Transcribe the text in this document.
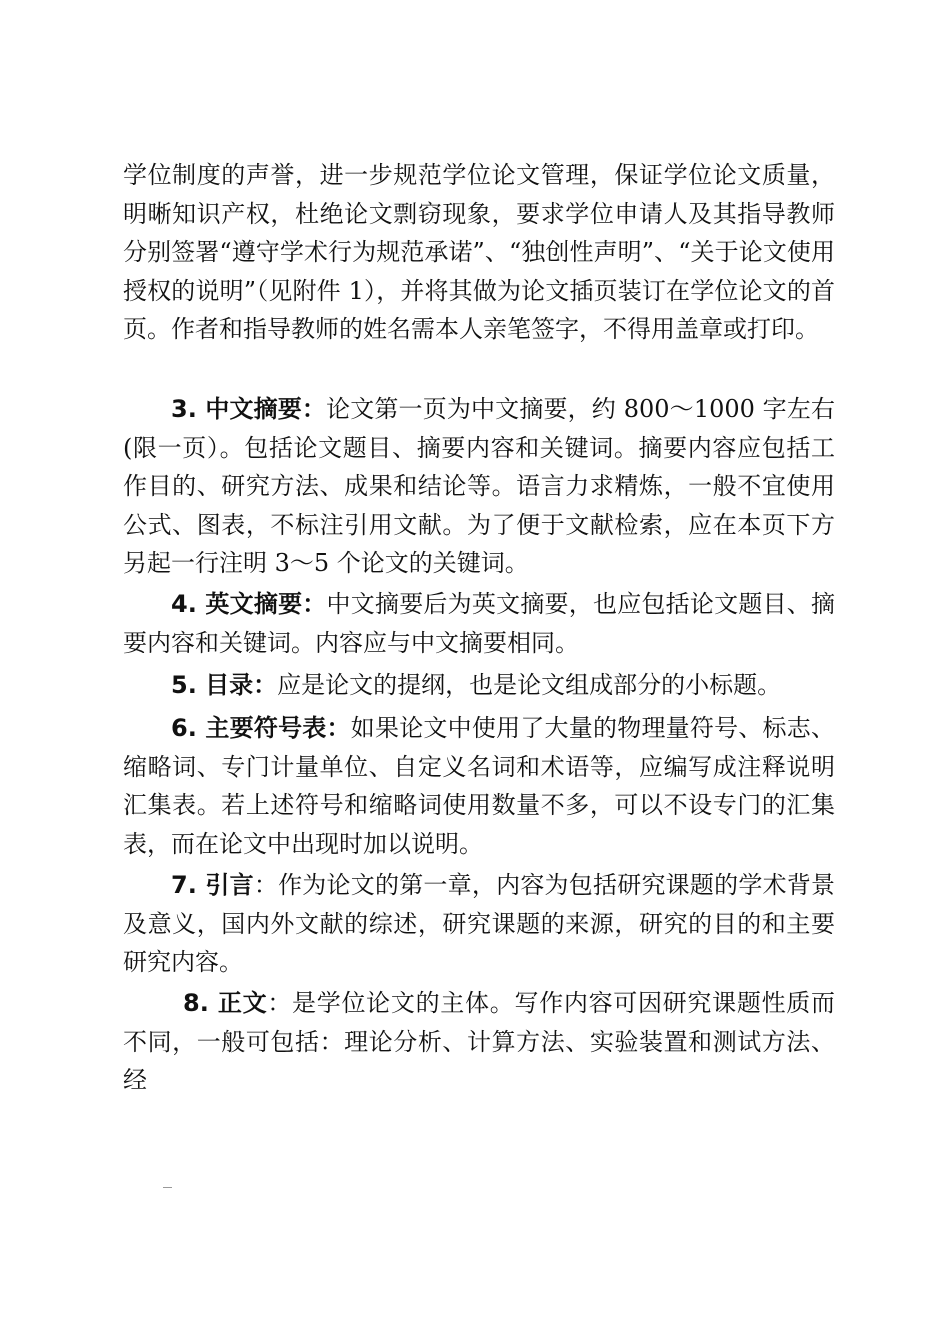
学位制度的声誉，进一步规范学位论文管理，保证学位论文质量，明晰知识产权，杜绝论文剽窃现象，要求学位申请人及其指导教师分别签署“遵守学术行为规范承诺”、“独创性声明”、“关于论文使用授权的说明”（见附件 1），并将其做为论文插页装订在学位论文的首页。作者和指导教师的姓名需本人亲笔签字，不得用盖章或打印。

3. 中文摘要：论文第一页为中文摘要，约 800～1000 字左右(限一页）。包括论文题目、摘要内容和关键词。摘要内容应包括工作目的、研究方法、成果和结论等。语言力求精炼，一般不宜使用公式、图表，不标注引用文献。为了便于文献检索，应在本页下方另起一行注明 3～5 个论文的关键词。

4. 英文摘要：中文摘要后为英文摘要，也应包括论文题目、摘要内容和关键词。内容应与中文摘要相同。

5. 目录：应是论文的提纲，也是论文组成部分的小标题。

6. 主要符号表：如果论文中使用了大量的物理量符号、标志、缩略词、专门计量单位、自定义名词和术语等，应编写成注释说明汇集表。若上述符号和缩略词使用数量不多，可以不设专门的汇集表，而在论文中出现时加以说明。

7. 引言：作为论文的第一章，内容为包括研究课题的学术背景及意义，国内外文献的综述，研究课题的来源，研究的目的和主要研究内容。

8. 正文：是学位论文的主体。写作内容可因研究课题性质而不同，一般可包括：理论分析、计算方法、实验装置和测试方法、经
